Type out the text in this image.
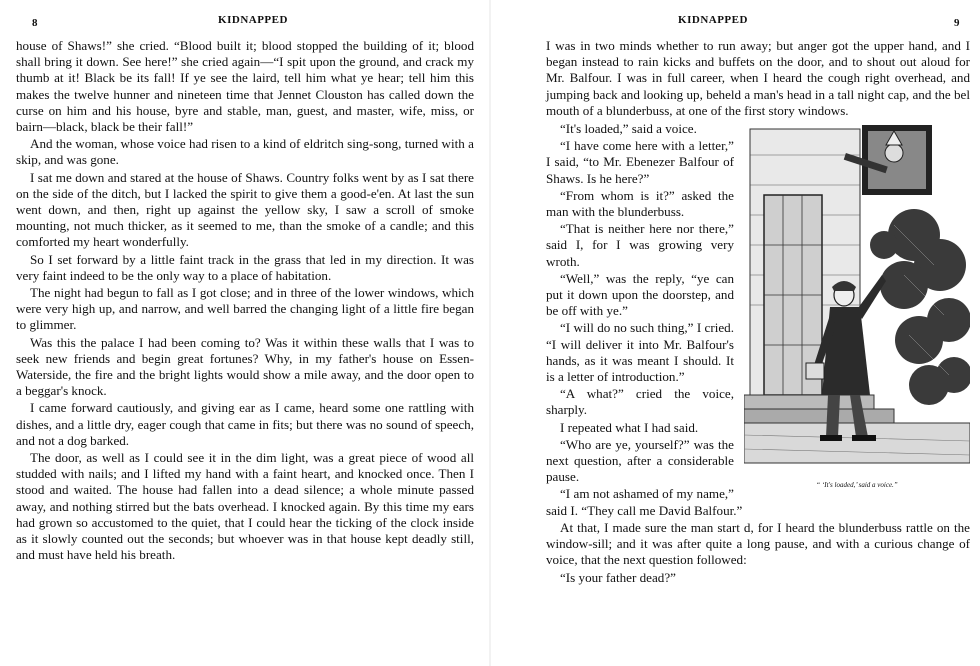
8	KIDNAPPED

house of Shaws!” she cried. “Blood built it; blood stopped the building of it; blood shall bring it down. See here!” she cried again—“I spit upon the ground, and crack my thumb at it! Black be its fall! If ye see the laird, tell him what ye hear; tell him this makes the twelve hunner and nineteen time that Jennet Clouston has called down the curse on him and his house, byre and stable, man, guest, and master, wife, miss, or bairn—black, black be their fall!”

And the woman, whose voice had risen to a kind of eldritch sing-song, turned with a skip, and was gone.

I sat me down and stared at the house of Shaws. Country folks went by as I sat there on the side of the ditch, but I lacked the spirit to give them a good-e'en. At last the sun went down, and then, right up against the yellow sky, I saw a scroll of smoke mounting, not much thicker, as it seemed to me, than the smoke of a candle; and this comforted my heart wonderfully.

So I set forward by a little faint track in the grass that led in my direction. It was very faint indeed to be the only way to a place of habitation.

The night had begun to fall as I got close; and in three of the lower windows, which were very high up, and narrow, and well barred the changing light of a little fire began to glimmer.

Was this the palace I had been coming to? Was it within these walls that I was to seek new friends and begin great fortunes? Why, in my father's house on Essen-Waterside, the fire and the bright lights would show a mile away, and the door open to a beggar's knock.

I came forward cautiously, and giving ear as I came, heard some one rattling with dishes, and a little dry, eager cough that came in fits; but there was no sound of speech, and not a dog barked.

The door, as well as I could see it in the dim light, was a great piece of wood all studded with nails; and I lifted my hand with a faint heart, and knocked once. Then I stood and waited. The house had fallen into a dead silence; a whole minute passed away, and nothing stirred but the bats overhead. I knocked again. By this time my ears had grown so accustomed to the quiet, that I could hear the ticking of the clock inside as it slowly counted out the seconds; but whoever was in that house kept deadly still, and must have held his breath.

KIDNAPPED	9

I was in two minds whether to run away; but anger got the upper hand, and I began instead to rain kicks and buffets on the door, and to shout out aloud for Mr. Balfour. I was in full career, when I heard the cough right overhead, and jumping back and looking up, beheld a man's head in a tall night cap, and the bel mouth of a blunderbuss, at one of the first story windows.

“ ‘It's loaded,’ said a voice.”

“It's loaded,” said a voice.

“I have come here with a letter,” I said, “to Mr. Ebenezer Balfour of Shaws. Is he here?”

“From whom is it?” asked the man with the blunderbuss.

“That is neither here nor there,” said I, for I was growing very wroth.

“Well,” was the reply, “ye can put it down upon the doorstep, and be off with ye.”

“I will do no such thing,” I cried. “I will deliver it into Mr. Balfour's hands, as it was meant I should. It is a letter of introduction.”

“A what?” cried the voice, sharply.

I repeated what I had said.

“Who are ye, yourself?” was the next question, after a considerable pause.

“I am not ashamed of my name,” said I. “They call me David Balfour.”

At that, I made sure the man start d, for I heard the blunderbuss rattle on the window-sill; and it was after quite a long pause, and with a curious change of voice, that the next question followed:

“Is your father dead?”
